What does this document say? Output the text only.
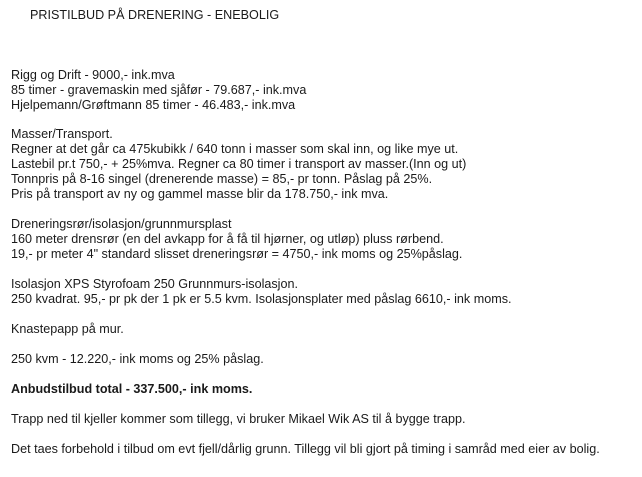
PRISTILBUD PÅ DRENERING - ENEBOLIG
Rigg og Drift - 9000,- ink.mva
85 timer - gravemaskin med sjåfør - 79.687,- ink.mva
Hjelpemann/Grøftmann 85 timer - 46.483,- ink.mva
Masser/Transport.
Regner at det går ca 475kubikk / 640 tonn i masser som skal inn, og like mye ut.
Lastebil pr.t 750,- + 25%mva. Regner ca 80 timer i transport av masser.(Inn og ut)
Tonnpris på 8-16 singel (drenerende masse) = 85,- pr tonn. Påslag på 25%.
Pris på transport av ny og gammel masse blir da 178.750,- ink mva.
Dreneringsrør/isolasjon/grunnmursplast
160 meter drensrør (en del avkapp for å få til hjørner, og utløp) pluss rørbend.
19,- pr meter 4" standard slisset dreneringsrør = 4750,- ink moms og 25%påslag.
Isolasjon XPS Styrofoam 250 Grunnmurs-isolasjon.
250 kvadrat. 95,- pr pk der 1 pk er 5.5 kvm. Isolasjonsplater med påslag 6610,- ink moms.
Knastepapp på mur.
250 kvm - 12.220,- ink moms og 25% påslag.
Anbudstilbud total - 337.500,- ink moms.
Trapp ned til kjeller kommer som tillegg, vi bruker Mikael Wik AS til å bygge trapp.
Det taes forbehold i tilbud om evt fjell/dårlig grunn. Tillegg vil bli gjort på timing i samråd med eier av bolig.
